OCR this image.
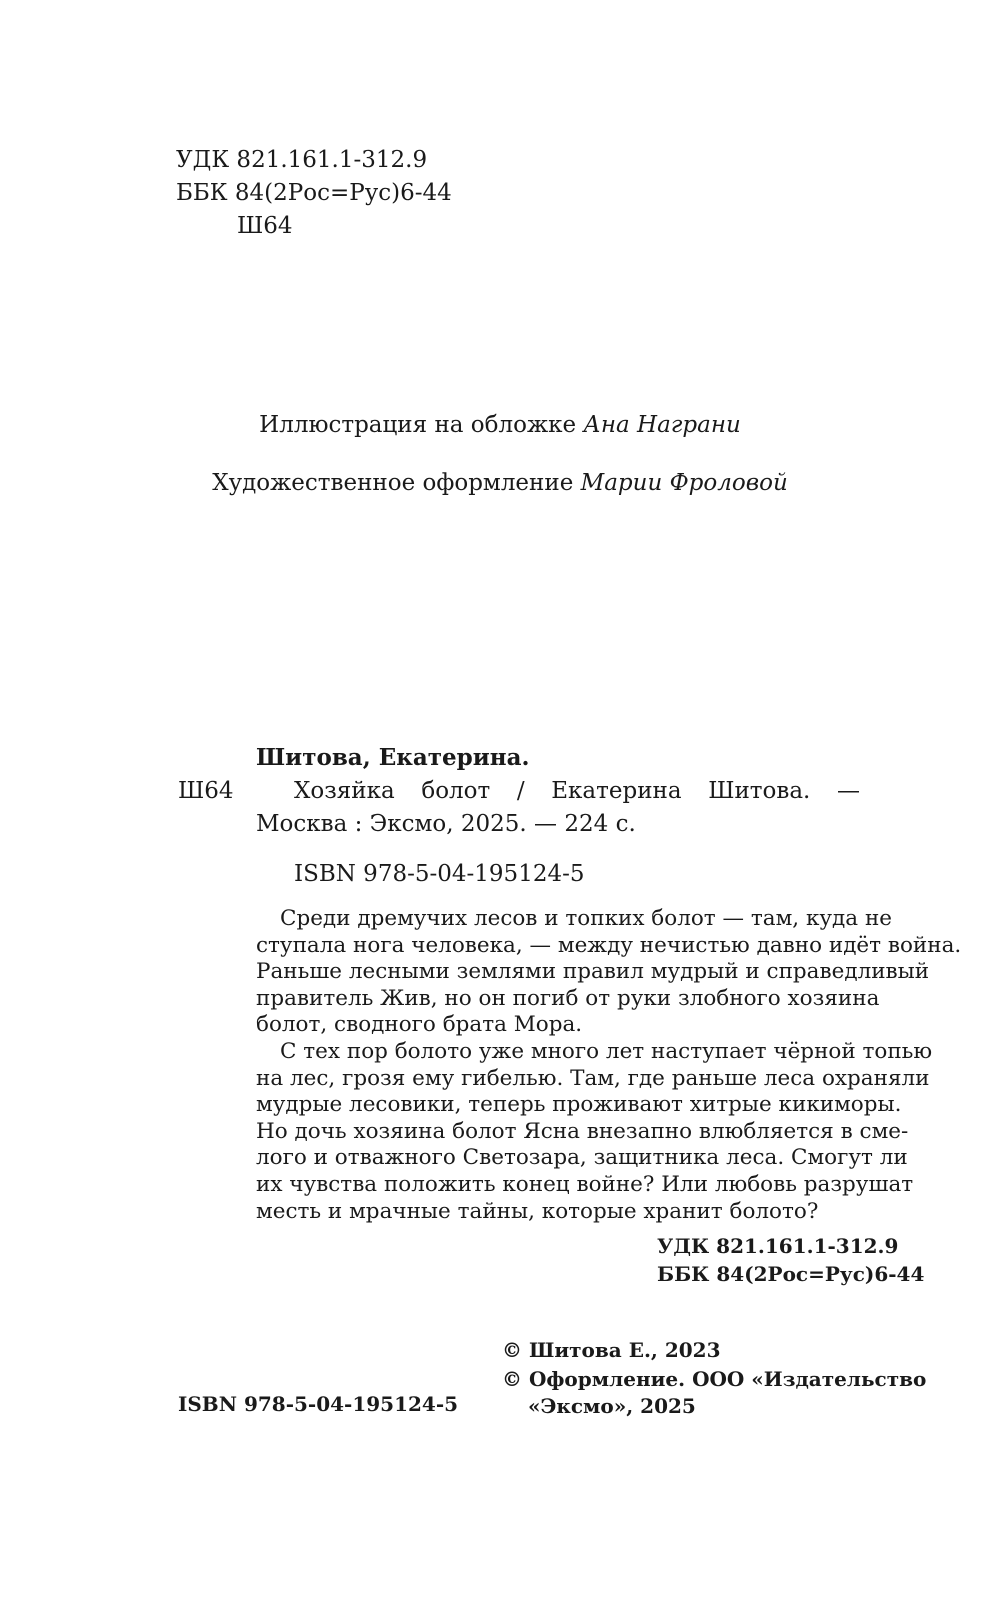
УДК 821.161.1-312.9
ББК 84(2Рос=Рус)6-44
Ш64
Иллюстрация на обложке Ана Награни
Художественное оформление Марии Фроловой
Ш64
Шитова, Екатерина.
Хозяйка болот / Екатерина Шитова. —
Москва : Эксмо, 2025. — 224 с.
ISBN 978-5-04-195124-5
Среди дремучих лесов и топких болот — там, куда не
ступала нога человека, — между нечистью давно идёт война.
Раньше лесными землями правил мудрый и справедливый
правитель Жив, но он погиб от руки злобного хозяина
болот, сводного брата Мора.
С тех пор болото уже много лет наступает чёрной топью
на лес, грозя ему гибелью. Там, где раньше леса охраняли
мудрые лесовики, теперь проживают хитрые кикиморы.
Но дочь хозяина болот Ясна внезапно влюбляется в сме-
лого и отважного Светозара, защитника леса. Смогут ли
их чувства положить конец войне? Или любовь разрушат
месть и мрачные тайны, которые хранит болото?
УДК 821.161.1-312.9
ББК 84(2Рос=Рус)6-44
ISBN 978-5-04-195124-5
© Шитова Е., 2023
© Оформление. ООО «Издательство
«Эксмо», 2025
